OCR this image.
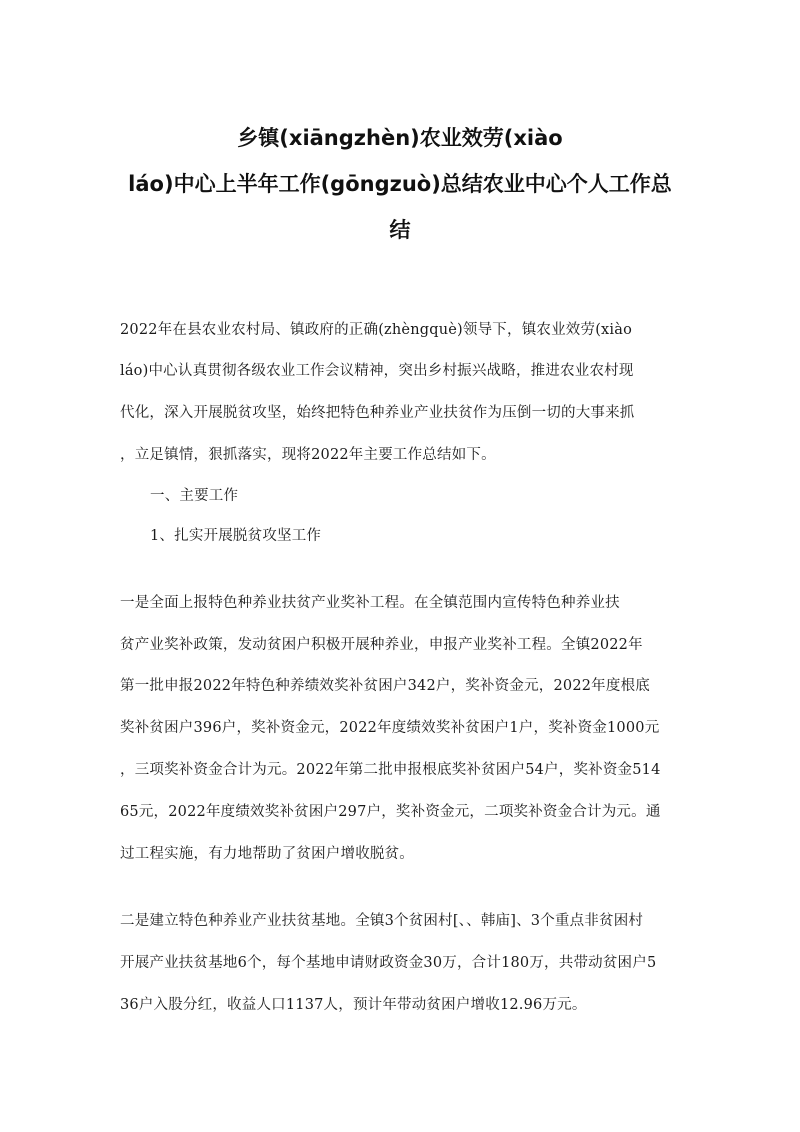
乡镇(xiāngzhèn)农业效劳(xiào
láo)中心上半年工作(gōngzuò)总结农业中心个人工作总
结
2022年在县农业农村局、镇政府的正确(zhèngquè)领导下，镇农业效劳(xiào
láo)中心认真贯彻各级农业工作会议精神，突出乡村振兴战略，推进农业农村现
代化，深入开展脱贫攻坚，始终把特色种养业产业扶贫作为压倒一切的大事来抓
，立足镇情，狠抓落实，现将2022年主要工作总结如下。
一、主要工作
1、扎实开展脱贫攻坚工作
一是全面上报特色种养业扶贫产业奖补工程。在全镇范围内宣传特色种养业扶
贫产业奖补政策，发动贫困户积极开展种养业，申报产业奖补工程。全镇2022年
第一批申报2022年特色种养绩效奖补贫困户342户，奖补资金元，2022年度根底
奖补贫困户396户，奖补资金元，2022年度绩效奖补贫困户1户，奖补资金1000元
，三项奖补资金合计为元。2022年第二批申报根底奖补贫困户54户，奖补资金514
65元，2022年度绩效奖补贫困户297户，奖补资金元，二项奖补资金合计为元。通
过工程实施，有力地帮助了贫困户增收脱贫。
二是建立特色种养业产业扶贫基地。全镇3个贫困村[、、韩庙]、3个重点非贫困村
开展产业扶贫基地6个，每个基地申请财政资金30万，合计180万，共带动贫困户5
36户入股分红，收益人口1137人，预计年带动贫困户增收12.96万元。
